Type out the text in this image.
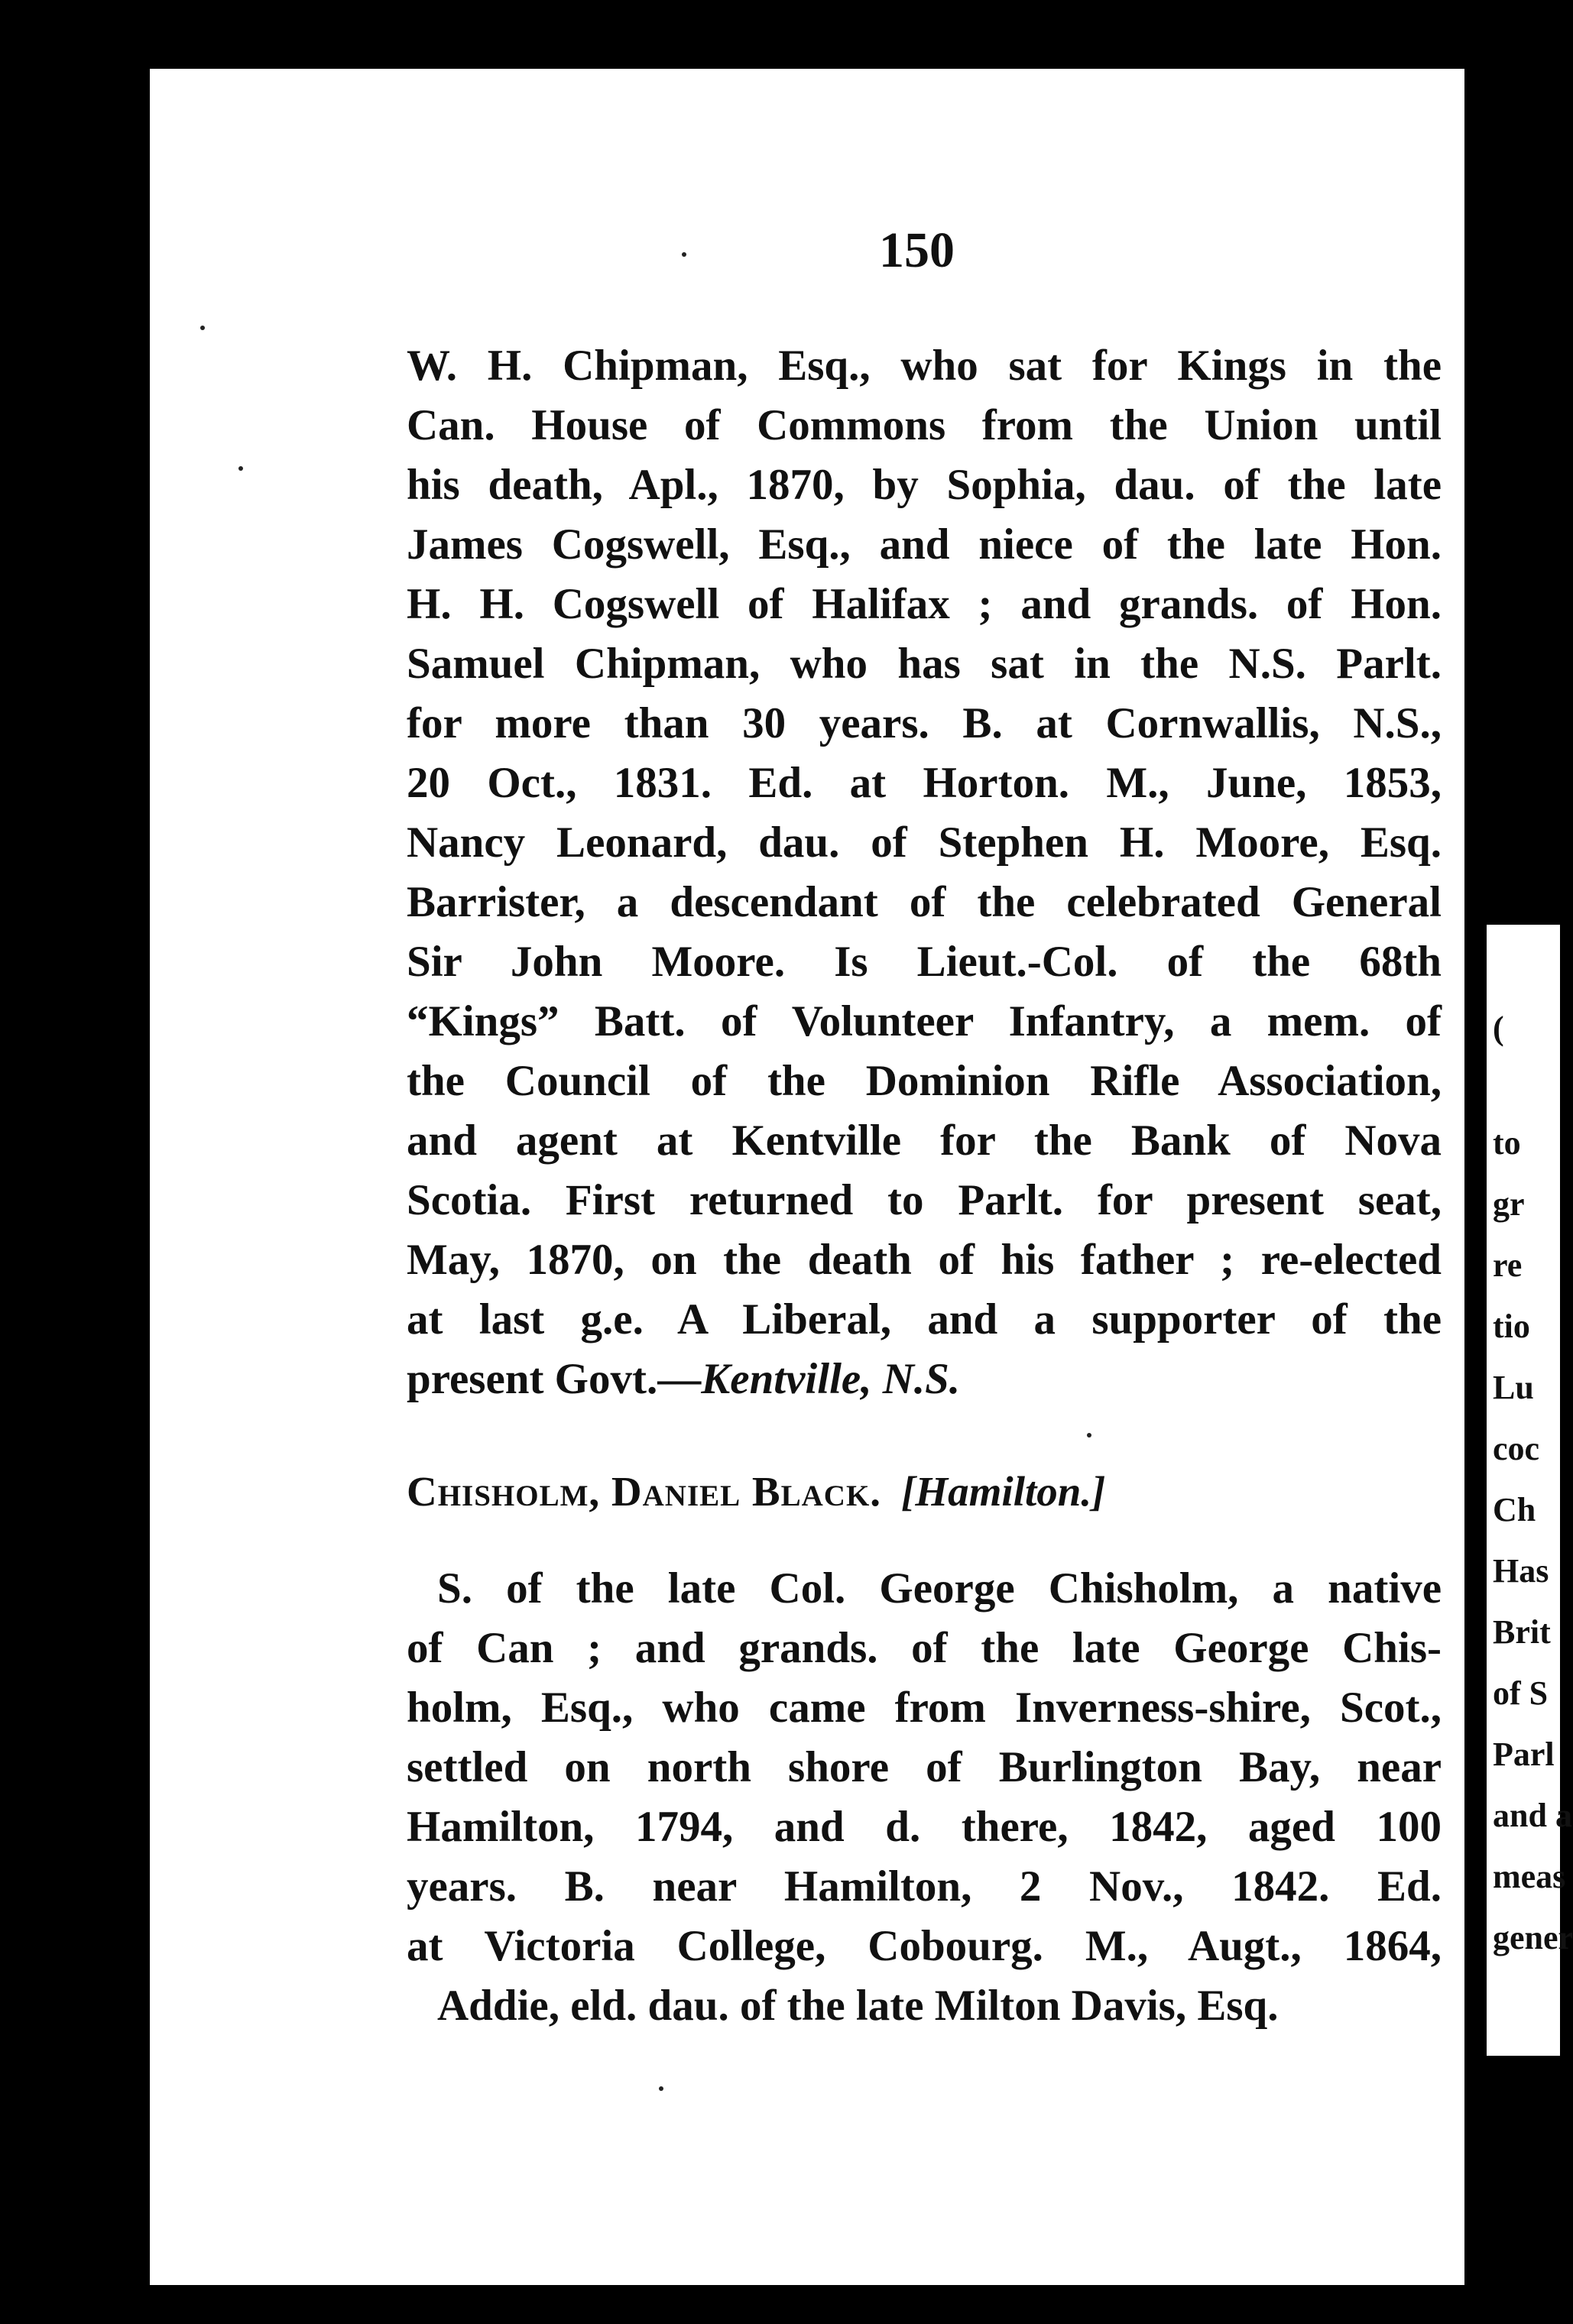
(
to
gr
re
tio
Lu
coc
Ch
Has
Brit
of S
Parl
and a
meas
gener
150
W. H. Chipman, Esq., who sat for Kings in the
Can. House of Commons from the Union until
his death, Apl., 1870, by Sophia, dau. of the late
James Cogswell, Esq., and niece of the late Hon.
H. H. Cogswell of Halifax ; and grands. of Hon.
Samuel Chipman, who has sat in the N.S. Parlt.
for more than 30 years. B. at Cornwallis, N.S.,
20 Oct., 1831. Ed. at Horton. M., June, 1853,
Nancy Leonard, dau. of Stephen H. Moore, Esq.
Barrister, a descendant of the celebrated General
Sir John Moore. Is Lieut.-Col. of the 68th
“Kings” Batt. of Volunteer Infantry, a mem. of
the Council of the Dominion Rifle Association,
and agent at Kentville for the Bank of Nova
Scotia. First returned to Parlt. for present seat,
May, 1870, on the death of his father ; re-elected
at last g.e. A Liberal, and a supporter of the
present Govt.—Kentville, N.S.
Chisholm, Daniel Black. [Hamilton.]
S. of the late Col. George Chisholm, a native
of Can ; and grands. of the late George Chis-
holm, Esq., who came from Inverness-shire, Scot.,
settled on north shore of Burlington Bay, near
Hamilton, 1794, and d. there, 1842, aged 100
years. B. near Hamilton, 2 Nov., 1842. Ed.
at Victoria College, Cobourg. M., Augt., 1864,
Addie, eld. dau. of the late Milton Davis, Esq.
